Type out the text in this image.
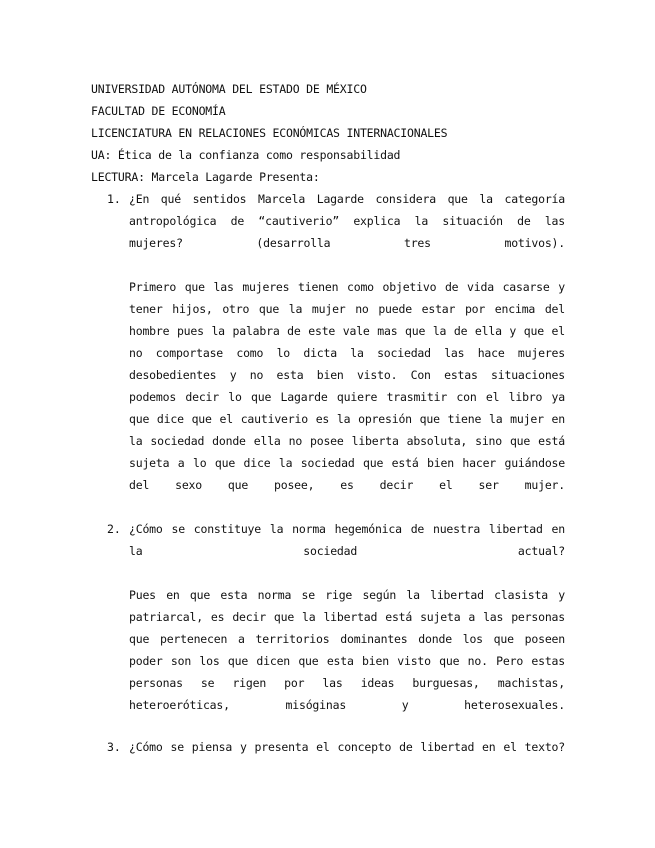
UNIVERSIDAD AUTÓNOMA DEL ESTADO DE MÉXICO
FACULTAD DE ECONOMÍA
LICENCIATURA EN RELACIONES ECONÓMICAS INTERNACIONALES
UA: Ética de la confianza como responsabilidad
LECTURA: Marcela Lagarde Presenta:
1. ¿En qué sentidos Marcela Lagarde considera que la categoría antropológica de “cautiverio” explica la situación de las mujeres? (desarrolla tres motivos).
Primero que las mujeres tienen como objetivo de vida casarse y tener hijos, otro que la mujer no puede estar por encima del hombre pues la palabra de este vale mas que la de ella y que el no comportase como lo dicta la sociedad las hace mujeres desobedientes y no esta bien visto. Con estas situaciones podemos decir lo que Lagarde quiere trasmitir con el libro ya que dice que el cautiverio es la opresión que tiene la mujer en la sociedad donde ella no posee liberta absoluta, sino que está sujeta a lo que dice la sociedad que está bien hacer guiándose del sexo que posee, es decir el ser mujer.
2. ¿Cómo se constituye la norma hegemónica de nuestra libertad en la sociedad actual?
Pues en que esta norma se rige según la libertad clasista y patriarcal, es decir que la libertad está sujeta a las personas que pertenecen a territorios dominantes donde los que poseen poder son los que dicen que esta bien visto que no. Pero estas personas se rigen por las ideas burguesas, machistas, heteroeróticas, misóginas y heterosexuales.
3. ¿Cómo se piensa y presenta el concepto de libertad en el texto?
